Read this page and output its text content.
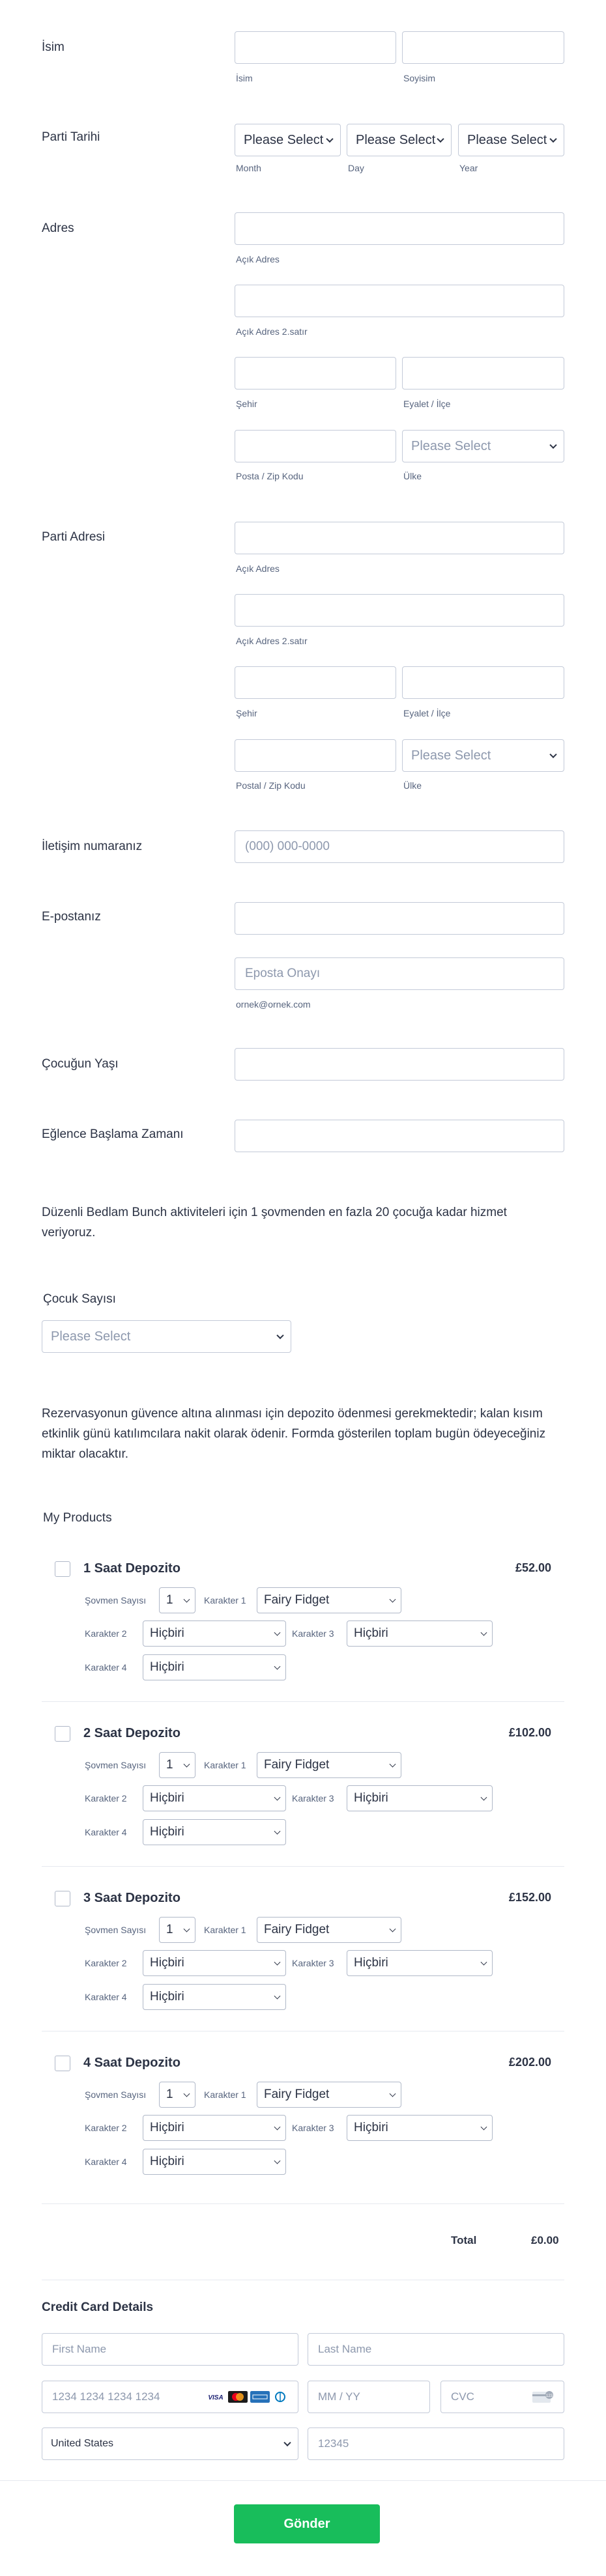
İsim
İsim	Soyisim
Parti Tarihi	Please Select Please Select Please Select
Month	Day	Year
Adres
Açık Adres
Açık Adres 2.satır
Şehir	Eyalet / İlçe
Please Select
Posta / Zip Kodu	Ülke
Parti Adresi
Açık Adres
Açık Adres 2.satır
Şehir	Eyalet / İlçe
Please Select
Postal / Zip Kodu	Ülke
İletişim numaranız	(000) 000-0000
E-postanız
Eposta Onayı
ornek@ornek.com
Çocuğun Yaşı
Eğlence Başlama Zamanı
Düzenli Bedlam Bunch aktiviteleri için 1 şovmenden en fazla 20 çocuğa kadar hizmet veriyoruz.
Çocuk Sayısı
Please Select
Rezervasyonun güvence altına alınması için depozito ödenmesi gerekmektedir; kalan kısım etkinlik günü katılımcılara nakit olarak ödenir. Formda gösterilen toplam bugün ödeyeceğiniz miktar olacaktır.
My Products
1 Saat Depozito	£52.00
Şovmen Sayısı 1	Karakter 1 Fairy Fidget
Karakter 2 Hiçbiri	Karakter 3 Hiçbiri
Karakter 4 Hiçbiri
2 Saat Depozito	£102.00
Şovmen Sayısı 1	Karakter 1 Fairy Fidget
Karakter 2 Hiçbiri	Karakter 3 Hiçbiri
Karakter 4 Hiçbiri
3 Saat Depozito	£152.00
Şovmen Sayısı 1	Karakter 1 Fairy Fidget
Karakter 2 Hiçbiri	Karakter 3 Hiçbiri
Karakter 4 Hiçbiri
4 Saat Depozito	£202.00
Şovmen Sayısı 1	Karakter 1 Fairy Fidget
Karakter 2 Hiçbiri	Karakter 3 Hiçbiri
Karakter 4 Hiçbiri
Total	£0.00
Credit Card Details
First Name	Last Name
1234 1234 1234 1234	VISA	MM / YY	CVC	123
United States	12345
Gönder
